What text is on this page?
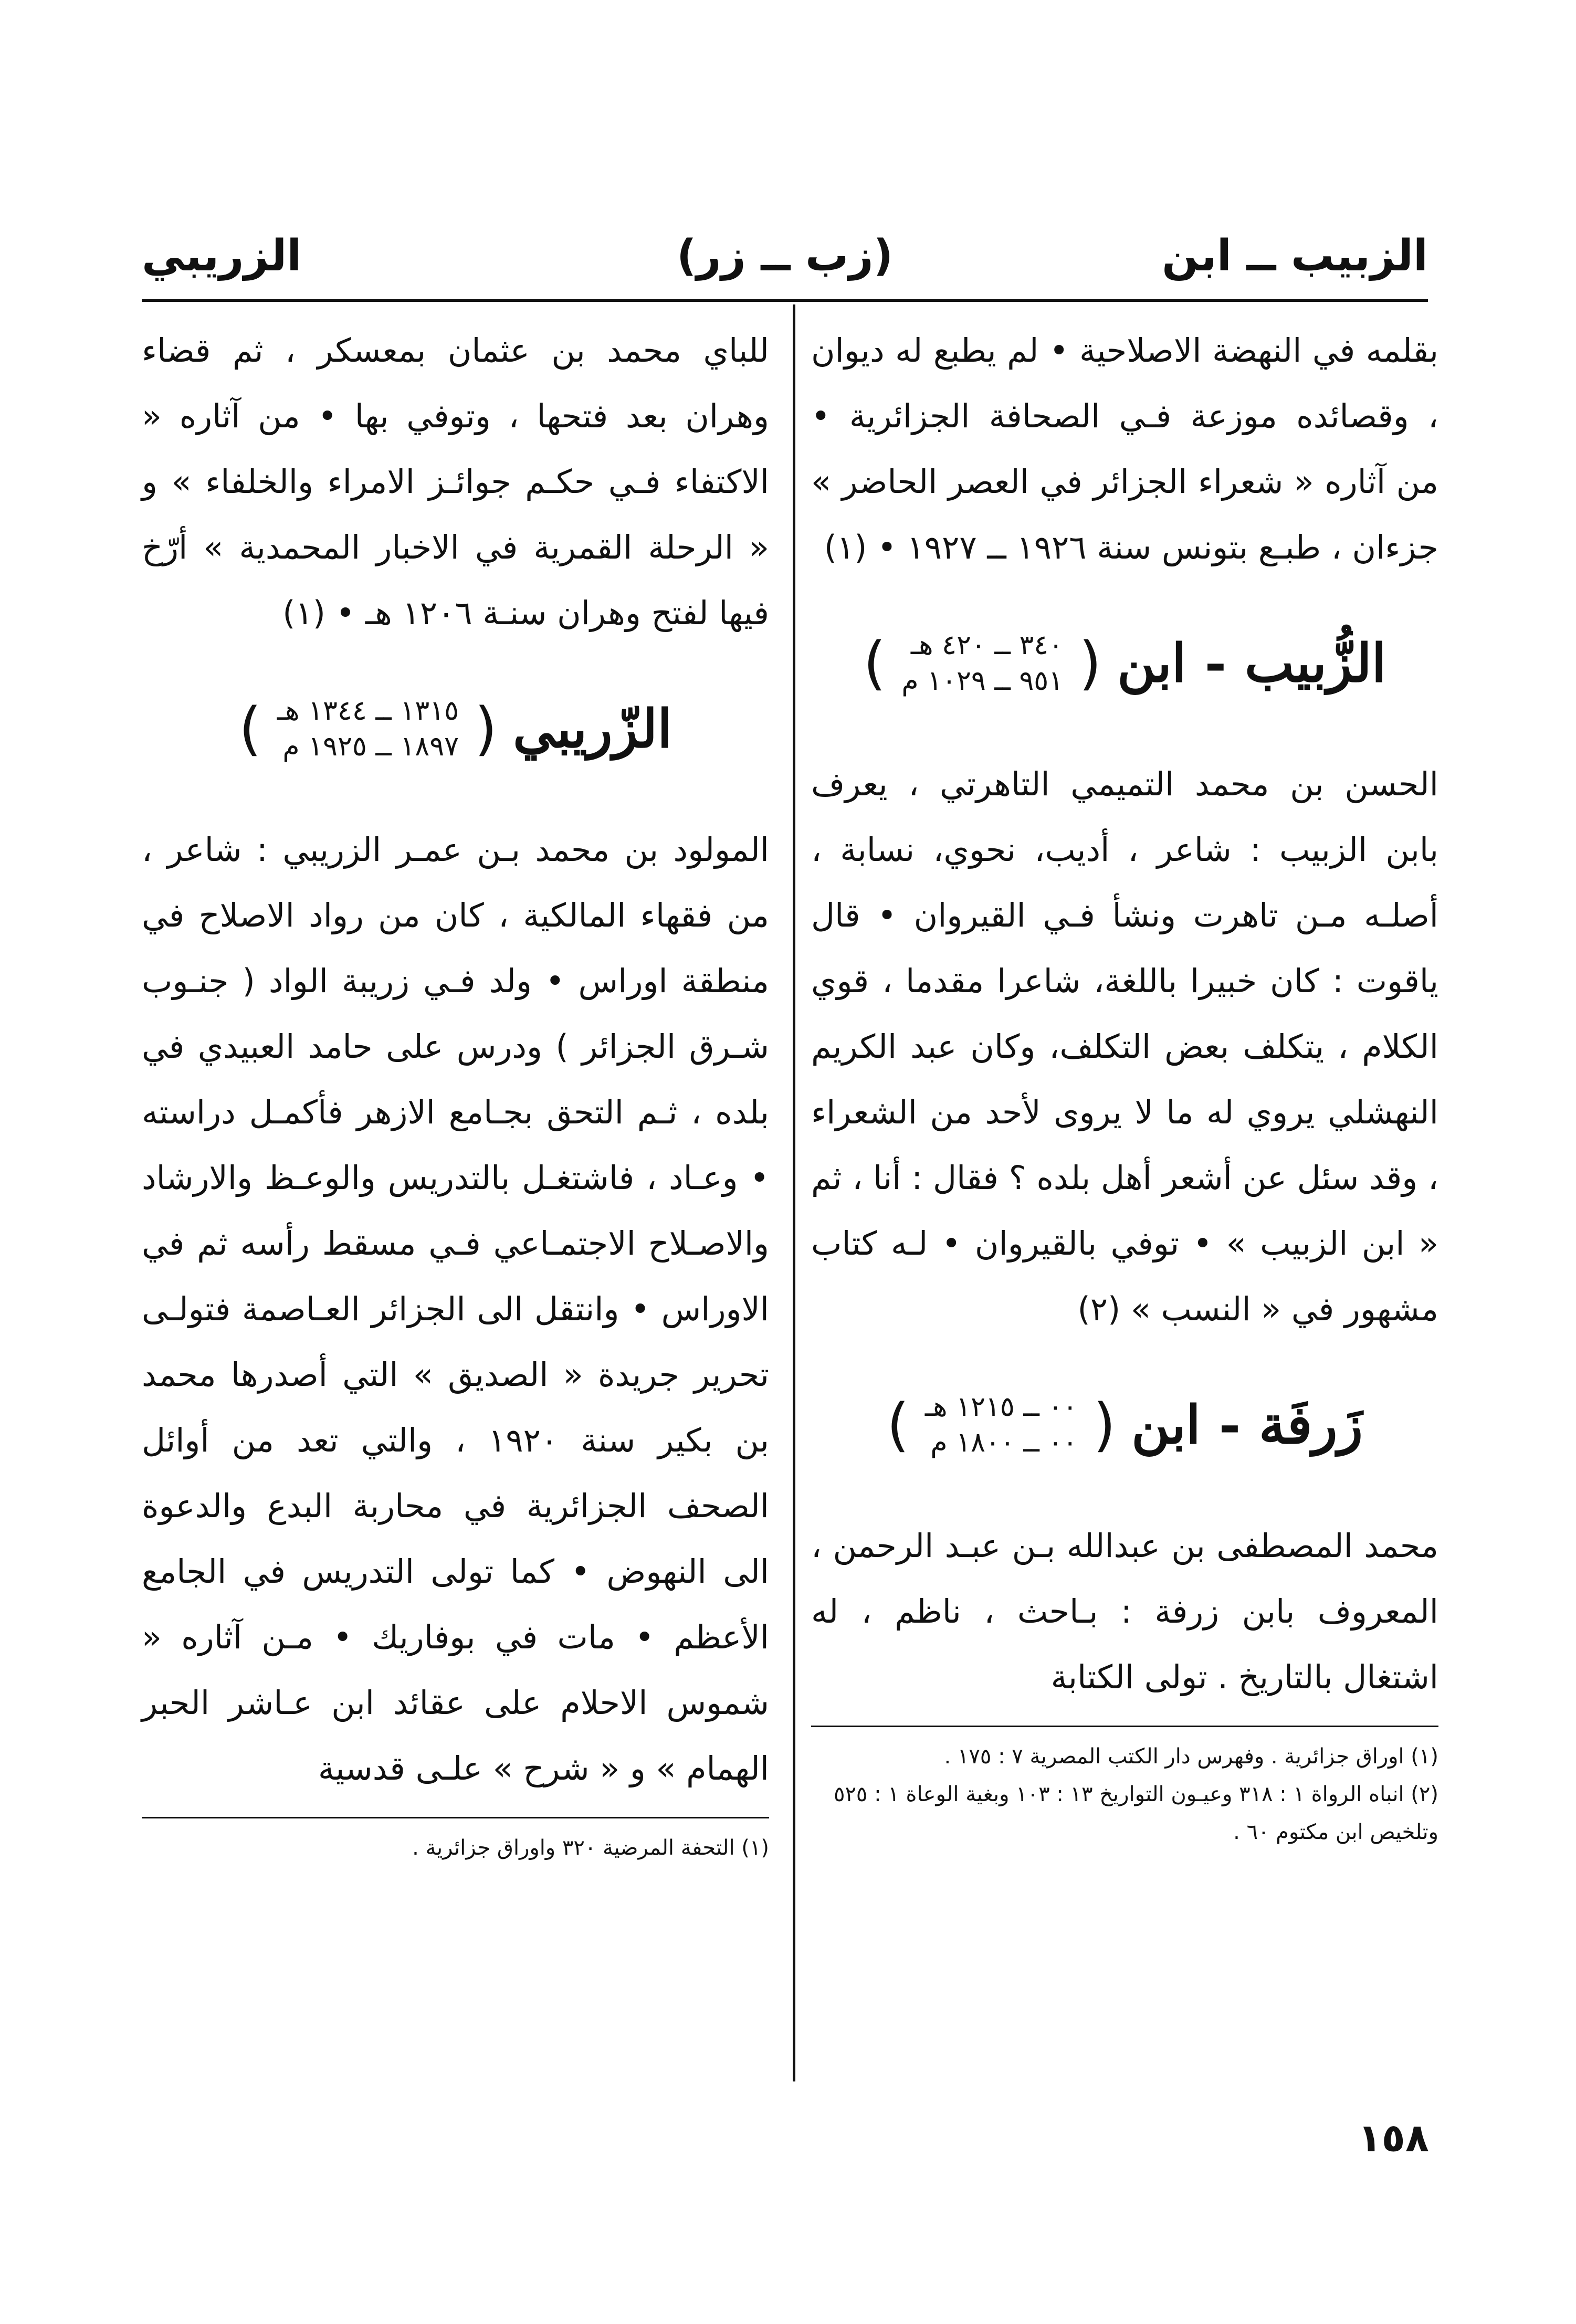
الزبيب ــ ابن
(زب ــ زر)
الزريبي

بقلمه في النهضة الاصلاحية • لم يطبع له ديوان ، وقصائده موزعة فـي الصحافة الجزائرية • من آثاره « شعراء الجزائر في العصر الحاضر » جزءان ، طبـع بتونس سنة ١٩٢٦ ــ ١٩٢٧ • (١)

الزُّبيب - ابن
(
٣٤٠ ــ ٤٢٠ هـ
٩٥١ ــ ١٠٢٩ م
)

الحسن بن محمد التميمي التاهرتي ، يعرف بابن الزبيب : شاعر ، أديب، نحوي، نسابة ، أصلـه مـن تاهرت ونشأ فـي القيروان • قال ياقوت : كان خبيرا باللغة، شاعرا مقدما ، قوي الكلام ، يتكلف بعض التكلف، وكان عبد الكريم النهشلي يروي له ما لا يروى لأحد من الشعراء ، وقد سئل عن أشعر أهل بلده ؟ فقال : أنا ، ثم « ابن الزبيب » • توفي بالقيروان • لـه كتاب مشهور في « النسب » (٢)

زَرفَة - ابن
(
٠٠ ــ ١٢١٥ هـ
٠٠ ــ ١٨٠٠ م
)

محمد المصطفى بن عبدالله بـن عبـد الرحمن ، المعروف بابن زرفة : بـاحث ، ناظم ، له اشتغال بالتاريخ . تولى الكتابة

(١) اوراق جزائرية . وفهرس دار الكتب المصرية ٧ : ١٧٥ .
(٢) انباه الرواة ١ : ٣١٨ وعيـون التواريخ ١٣ : ١٠٣ وبغية الوعاة ١ : ٥٢٥ وتلخيص ابن مكتوم ٦٠ .

للباي محمد بن عثمان بمعسكر ، ثم قضاء وهران بعد فتحها ، وتوفي بها • من آثاره « الاكتفاء فـي حكـم جوائـز الامراء والخلفاء » و « الرحلة القمرية في الاخبار المحمدية » أرّخ فيها لفتح وهران سنـة ١٢٠٦ هـ • (١)

الزّريبي
(
١٣١٥ ــ ١٣٤٤ هـ
١٨٩٧ ــ ١٩٢٥ م
)

المولود بن محمد بـن عمـر الزريبي : شاعر ، من فقهاء المالكية ، كان من رواد الاصلاح في منطقة اوراس • ولد فـي زريبة الواد ( جنـوب شـرق الجزائر ) ودرس على حامد العبيدي في بلده ، ثـم التحق بجـامع الازهر فأكمـل دراسته • وعـاد ، فاشتغـل بالتدريس والوعـظ والارشاد والاصـلاح الاجتمـاعي فـي مسقط رأسه ثم في الاوراس • وانتقل الى الجزائر العـاصمة فتولـى تحرير جريدة « الصديق » التي أصدرها محمد بن بكير سنة ١٩٢٠ ، والتي تعد من أوائل الصحف الجزائرية في محاربة البدع والدعوة الى النهوض • كما تولى التدريس في الجامع الأعظم • مات في بوفاريك • مـن آثاره « شموس الاحلام على عقائد ابن عـاشر الحبر الهمام » و « شرح » علـى قدسية

(١) التحفة المرضية ٣٢٠ واوراق جزائرية .
١٥٨
